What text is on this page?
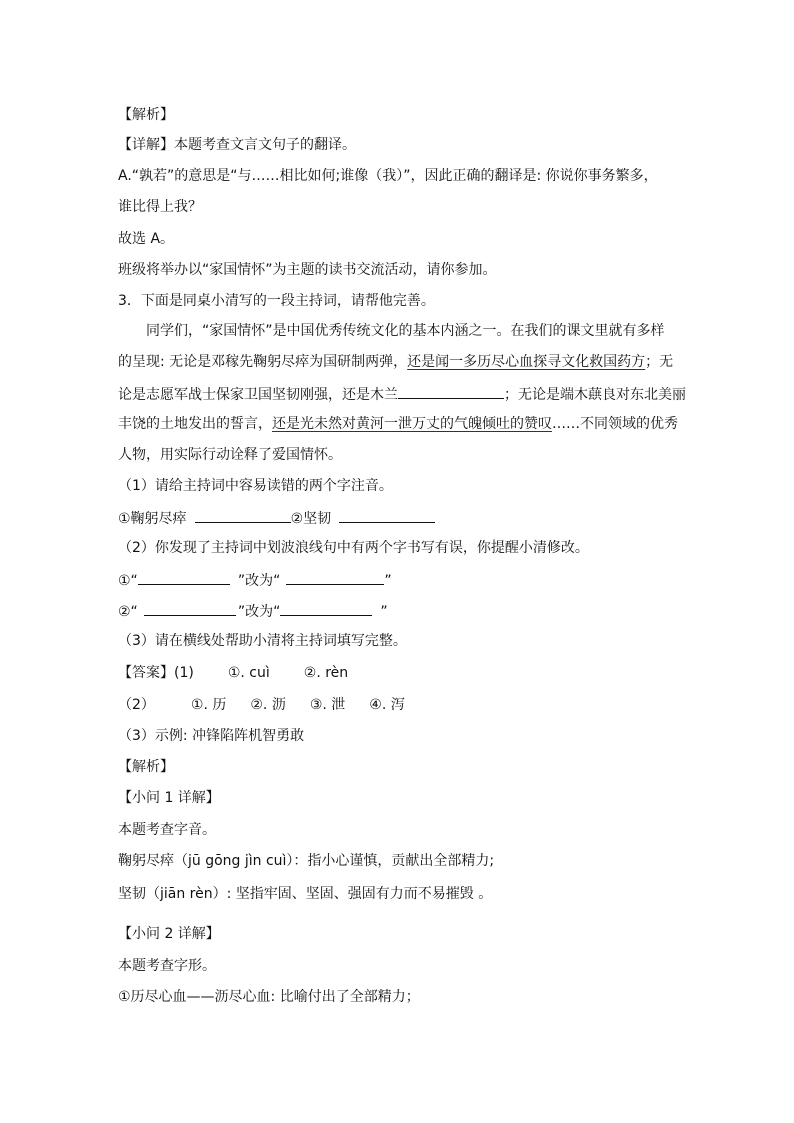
【解析】
【详解】本题考查文言文句子的翻译。
A.“孰若”的意思是“与……相比如何;谁像（我）”，因此正确的翻译是: 你说你事务繁多，
谁比得上我？
故选 A。
班级将举办以“家国情怀”为主题的读书交流活动，请你参加。
3．下面是同桌小清写的一段主持词，请帮他完善。
同学们，“家国情怀”是中国优秀传统文化的基本内涵之一。在我们的课文里就有多样
的呈现: 无论是邓稼先鞠躬尽瘁为国研制两弹，还是闻一多历尽心血探寻文化救国药方；无
论是志愿军战士保家卫国坚韧刚强，还是木兰	；无论是端木蕻良对东北美丽
丰饶的土地发出的誓言，还是光未然对黄河一泄万丈的气魄倾吐的赞叹……不同领域的优秀
人物，用实际行动诠释了爱国情怀。
（1）请给主持词中容易读错的两个字注音。
①鞠躬尽瘁	②坚韧
（2）你发现了主持词中划波浪线句中有两个字书写有误，你提醒小清修改。
①“	”改为“	”
②“	”改为“	”
（3）请在横线处帮助小清将主持词填写完整。
【答案】(1) ①. cuì ②. rèn
（2）	①. 历 ②. 沥 ③. 泄 ④. 泻
（3）示例: 冲锋陷阵机智勇敢
【解析】
【小问 1 详解】
本题考查字音。
鞠躬尽瘁（jū gōng jìn cuì）：指小心谨慎，贡献出全部精力;
坚韧（jiān rèn）: 坚指牢固、坚固、强固有力而不易摧毁 。
【小问 2 详解】
本题考查字形。
①历尽心血——沥尽心血: 比喻付出了全部精力；
